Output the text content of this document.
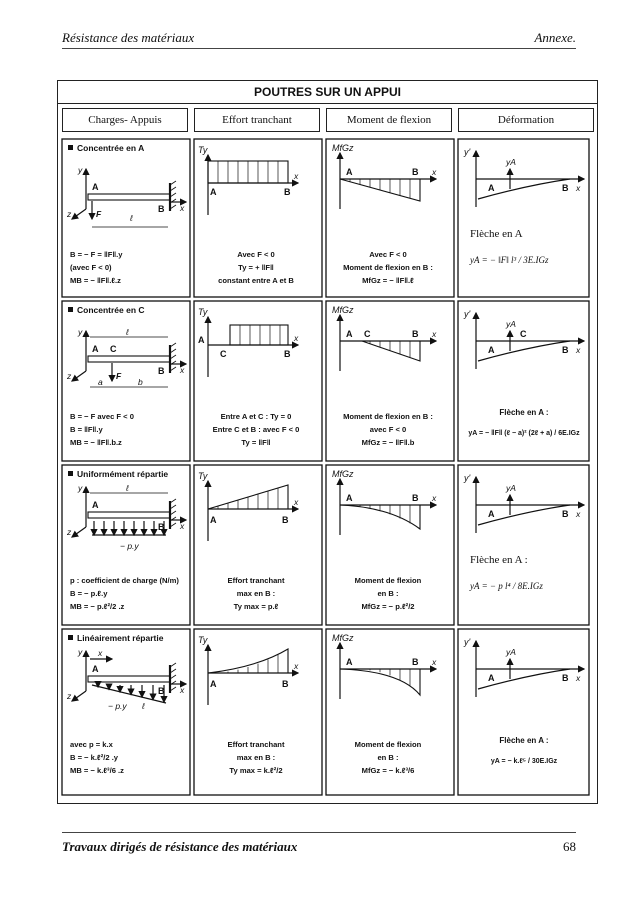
Résistance des matériaux	Annexe.
POUTRES SUR UN APPUI
Charges- Appuis	Effort tranchant	Moment de flexion	Déformation
Concentrée en A
y
z
x
A
B
F	ℓ
B = − F = ‖F‖.y
(avec F < 0)
MB = − ‖F‖.ℓ.z
Ty
x
A	B
Avec F < 0
Ty = + ‖F‖
constant entre A et B
MfGz
x
A	B
Avec F < 0
Moment de flexion en B :
MfGz = − ‖F‖.ℓ
y'
x
yA
A	B
Flèche en A
yA = − ‖F‖ l³ / 3E.IGz
Concentrée en C
y
z
x
A
B
C
F
ℓ
a	b
B = − F avec F < 0
B = ‖F‖.y
MB = − ‖F‖.b.z
Ty
x
A
C	B
Entre A et C : Ty = 0
Entre C et B : avec F < 0
Ty = ‖F‖
MfGz
x
A	B
C
Moment de flexion en B :
avec F < 0
MfGz = − ‖F‖.b
y'
x
yA
A	B
C
Flèche en A :
yA = − ‖F‖ (ℓ − a)² (2ℓ + a) / 6E.IGz
Uniformément répartie
y
z
x
A
B
ℓ
− p.y
p : coefficient de charge (N/m)
B = − p.ℓ.y
MB = − p.ℓ²/2 .z
Ty
x
A	B
Effort tranchant
max en B :
Ty max = p.ℓ
MfGz
x
A	B
Moment de flexion
en B :
MfGz = − p.ℓ²/2
y'
x
yA
A	B
Flèche en A :
yA = − p l⁴ / 8E.IGz
Linéairement répartie
y
z
x
A
B
x
− p.y ℓ
avec p = k.x
B = − k.ℓ²/2 .y
MB = − k.ℓ³/6 .z
Ty
x
A	B
Effort tranchant
max en B :
Ty max = k.ℓ²/2
MfGz
x
A	B
Moment de flexion
en B :
MfGz = − k.ℓ³/6
y'
x
yA
A	B
Flèche en A :
yA = − k.ℓ⁵ / 30E.IGz
Travaux dirigés de résistance des matériaux	68
